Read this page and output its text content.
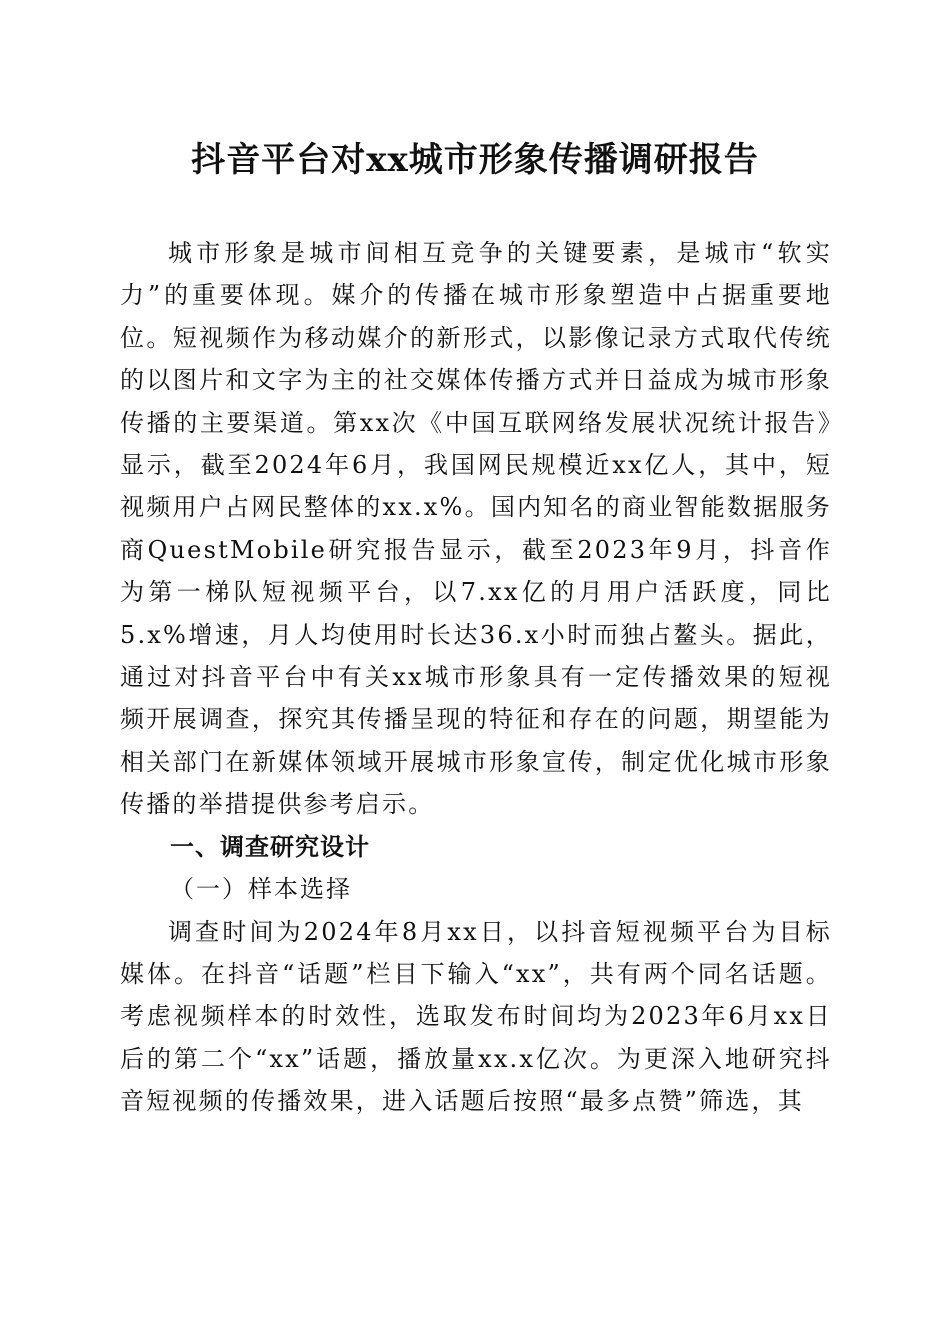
抖音平台对xx城市形象传播调研报告

城市形象是城市间相互竞争的关键要素，是城市“软实力”的重要体现。媒介的传播在城市形象塑造中占据重要地位。短视频作为移动媒介的新形式，以影像记录方式取代传统的以图片和文字为主的社交媒体传播方式并日益成为城市形象传播的主要渠道。第xx次《中国互联网络发展状况统计报告》显示，截至2024年6月，我国网民规模近xx亿人，其中，短视频用户占网民整体的xx.x%。国内知名的商业智能数据服务商QuestMobile研究报告显示，截至2023年9月，抖音作为第一梯队短视频平台，以7.xx亿的月用户活跃度，同比5.x%增速，月人均使用时长达36.x小时而独占鳌头。据此，通过对抖音平台中有关xx城市形象具有一定传播效果的短视频开展调查，探究其传播呈现的特征和存在的问题，期望能为相关部门在新媒体领域开展城市形象宣传，制定优化城市形象传播的举措提供参考启示。

一、调查研究设计
（一）样本选择

调查时间为2024年8月xx日，以抖音短视频平台为目标媒体。在抖音“话题”栏目下输入“xx”，共有两个同名话题。考虑视频样本的时效性，选取发布时间均为2023年6月xx日后的第二个“xx”话题，播放量xx.x亿次。为更深入地研究抖音短视频的传播效果，进入话题后按照“最多点赞”筛选，其
